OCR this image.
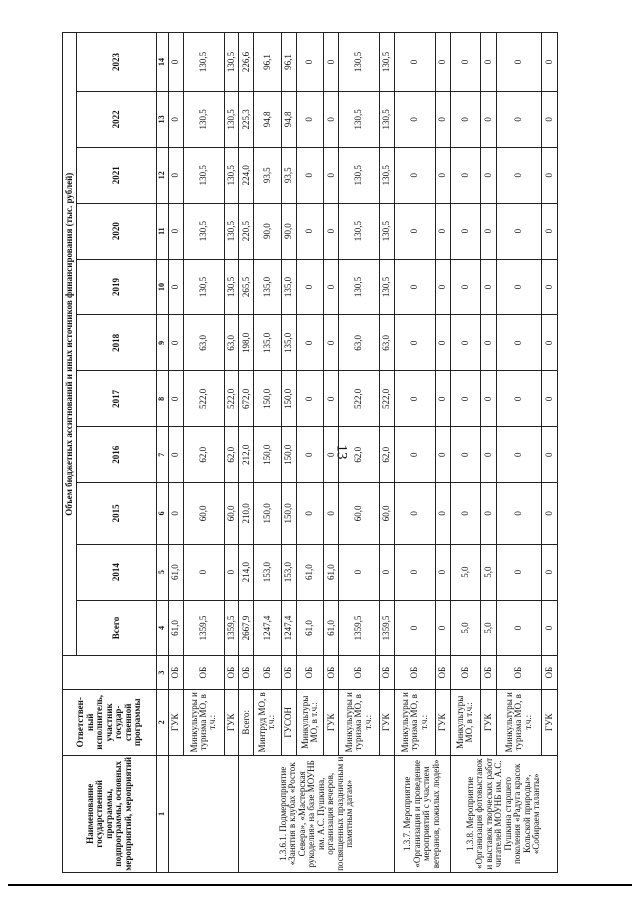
13
Наименование государственной программы, подпрограммы, основных мероприятий, мероприятий	Ответствен-ный исполнитель, участник государ-ственной программы		Объем бюджетных ассигнований и иных источников финансирования (тыс. рублей)										
			Всего	2014	2015	2016	2017	2018	2019	2020	2021	2022	2023
1	2	3	4	5	6	7	8	9	10	11	12	13	14
	ГУК	ОБ	61,0	61,0	0	0	0	0	0	0	0	0	0
	Минкультуры и туризма МО, в т.ч.:	ОБ	1359,5	0	60,0	62,0	522,0	63,0	130,5	130,5	130,5	130,5	130,5
	ГУК	ОБ	1359,5	0	60,0	62,0	522,0	63,0	130,5	130,5	130,5	130,5	130,5
1.3.6.1. Подмероприятие «Занятия в клубах «Росток Севера», «Мастерская рукоделия» на базе МОУНБ им. А.С. Пушкина, организация вечеров, посвященных праздничным и памятным датам»	Всего:	ОБ	2667,9	214,0	210,0	212,0	672,0	198,0	265,5	220,5	224,0	225,3	226,6
	Минтруд МО, в т.ч.:	ОБ	1247,4	153,0	150,0	150,0	150,0	135,0	135,0	90,0	93,5	94,8	96,1
	ГУСОН	ОБ	1247,4	153,0	150,0	150,0	150,0	135,0	135,0	90,0	93,5	94,8	96,1
	Минкультуры МО, в т.ч.:	ОБ	61,0	61,0	0	0	0	0	0	0	0	0	0
	ГУК	ОБ	61,0	61,0	0	0	0	0	0	0	0	0	0
	Минкультуры и туризма МО, в т.ч.:	ОБ	1359,5	0	60,0	62,0	522,0	63,0	130,5	130,5	130,5	130,5	130,5
	ГУК	ОБ	1359,5	0	60,0	62,0	522,0	63,0	130,5	130,5	130,5	130,5	130,5
1.3.7. Мероприятие «Организация и проведение мероприятий с участием ветеранов, пожилых людей»	Минкультуры и туризма МО, в т.ч.:	ОБ	0	0	0	0	0	0	0	0	0	0	0
	ГУК	ОБ	0	0	0	0	0	0	0	0	0	0	0
1.3.8. Мероприятие «Организация фотовыставок и выставок творческих работ читателей МОУНБ им. А.С. Пушкина старшего поколения «Радуга красок Кольской природы», «Собираем таланты»	Минкультуры МО, в т.ч.:	ОБ	5,0	5,0	0	0	0	0	0	0	0	0	0
	ГУК	ОБ	5,0	5,0	0	0	0	0	0	0	0	0	0
	Минкультуры и туризма МО, в т.ч.:	ОБ	0	0	0	0	0	0	0	0	0	0	0
	ГУК	ОБ	0	0	0	0	0	0	0	0	0	0	0
